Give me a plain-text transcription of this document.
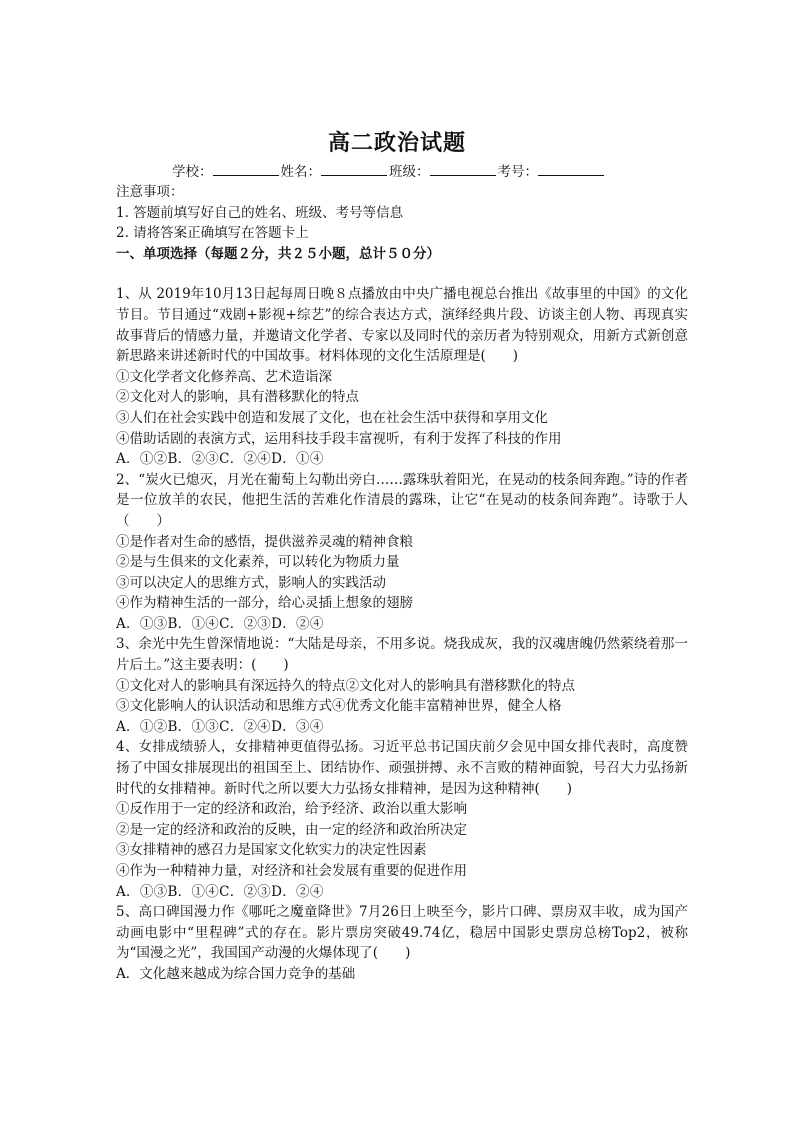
高二政治试题
学校：	姓名：	班级：	考号：
注意事项：
1. 答题前填写好自己的姓名、班级、考号等信息
2. 请将答案正确填写在答题卡上
一、单项选择（每题２分，共２５小题，总计５０分）

1、从 2019年10月13日起每周日晚８点播放由中央广播电视总台推出《故事里的中国》的文化节目。节目通过“戏剧+影视+综艺”的综合表达方式，演绎经典片段、访谈主创人物、再现真实故事背后的情感力量，并邀请文化学者、专家以及同时代的亲历者为特别观众，用新方式新创意新思路来讲述新时代的中国故事。材料体现的文化生活原理是(　　)

①文化学者文化修养高、艺术造诣深
②文化对人的影响，具有潜移默化的特点
③人们在社会实践中创造和发展了文化，也在社会生活中获得和享用文化
④借助话剧的表演方式，运用科技手段丰富视听，有利于发挥了科技的作用
A．①②B．②③C．②④D．①④

2、“炭火已熄灭，月光在葡萄上勾勒出旁白……露珠驮着阳光，在晃动的枝条间奔跑。”诗的作者是一位放羊的农民，他把生活的苦难化作清晨的露珠，让它“在晃动的枝条间奔跑”。诗歌于人（　　）

①是作者对生命的感悟，提供滋养灵魂的精神食粮
②是与生俱来的文化素养，可以转化为物质力量
③可以决定人的思维方式，影响人的实践活动
④作为精神生活的一部分，给心灵插上想象的翅膀
A．①③B．①④C．②③D．②④

3、余光中先生曾深情地说：“大陆是母亲，不用多说。烧我成灰，我的汉魂唐魄仍然萦绕着那一片后土。”这主要表明：(　　)

①文化对人的影响具有深远持久的特点②文化对人的影响具有潜移默化的特点
③文化影响人的认识活动和思维方式④优秀文化能丰富精神世界，健全人格
A．①②B．①③C．②④D．③④

4、女排成绩骄人，女排精神更值得弘扬。习近平总书记国庆前夕会见中国女排代表时，高度赞扬了中国女排展现出的祖国至上、团结协作、顽强拼搏、永不言败的精神面貌，号召大力弘扬新时代的女排精神。新时代之所以要大力弘扬女排精神，是因为这种精神(　　)

①反作用于一定的经济和政治，给予经济、政治以重大影响
②是一定的经济和政治的反映，由一定的经济和政治所决定
③女排精神的感召力是国家文化软实力的决定性因素
④作为一种精神力量，对经济和社会发展有重要的促进作用
A．①③B．①④C．②③D．②④

5、高口碑国漫力作《哪吒之魔童降世》7月26日上映至今，影片口碑、票房双丰收，成为国产动画电影中“里程碑”式的存在。影片票房突破49.74亿，稳居中国影史票房总榜Top2，被称为“国漫之光”，我国国产动漫的火爆体现了(　　)

A．文化越来越成为综合国力竞争的基础
